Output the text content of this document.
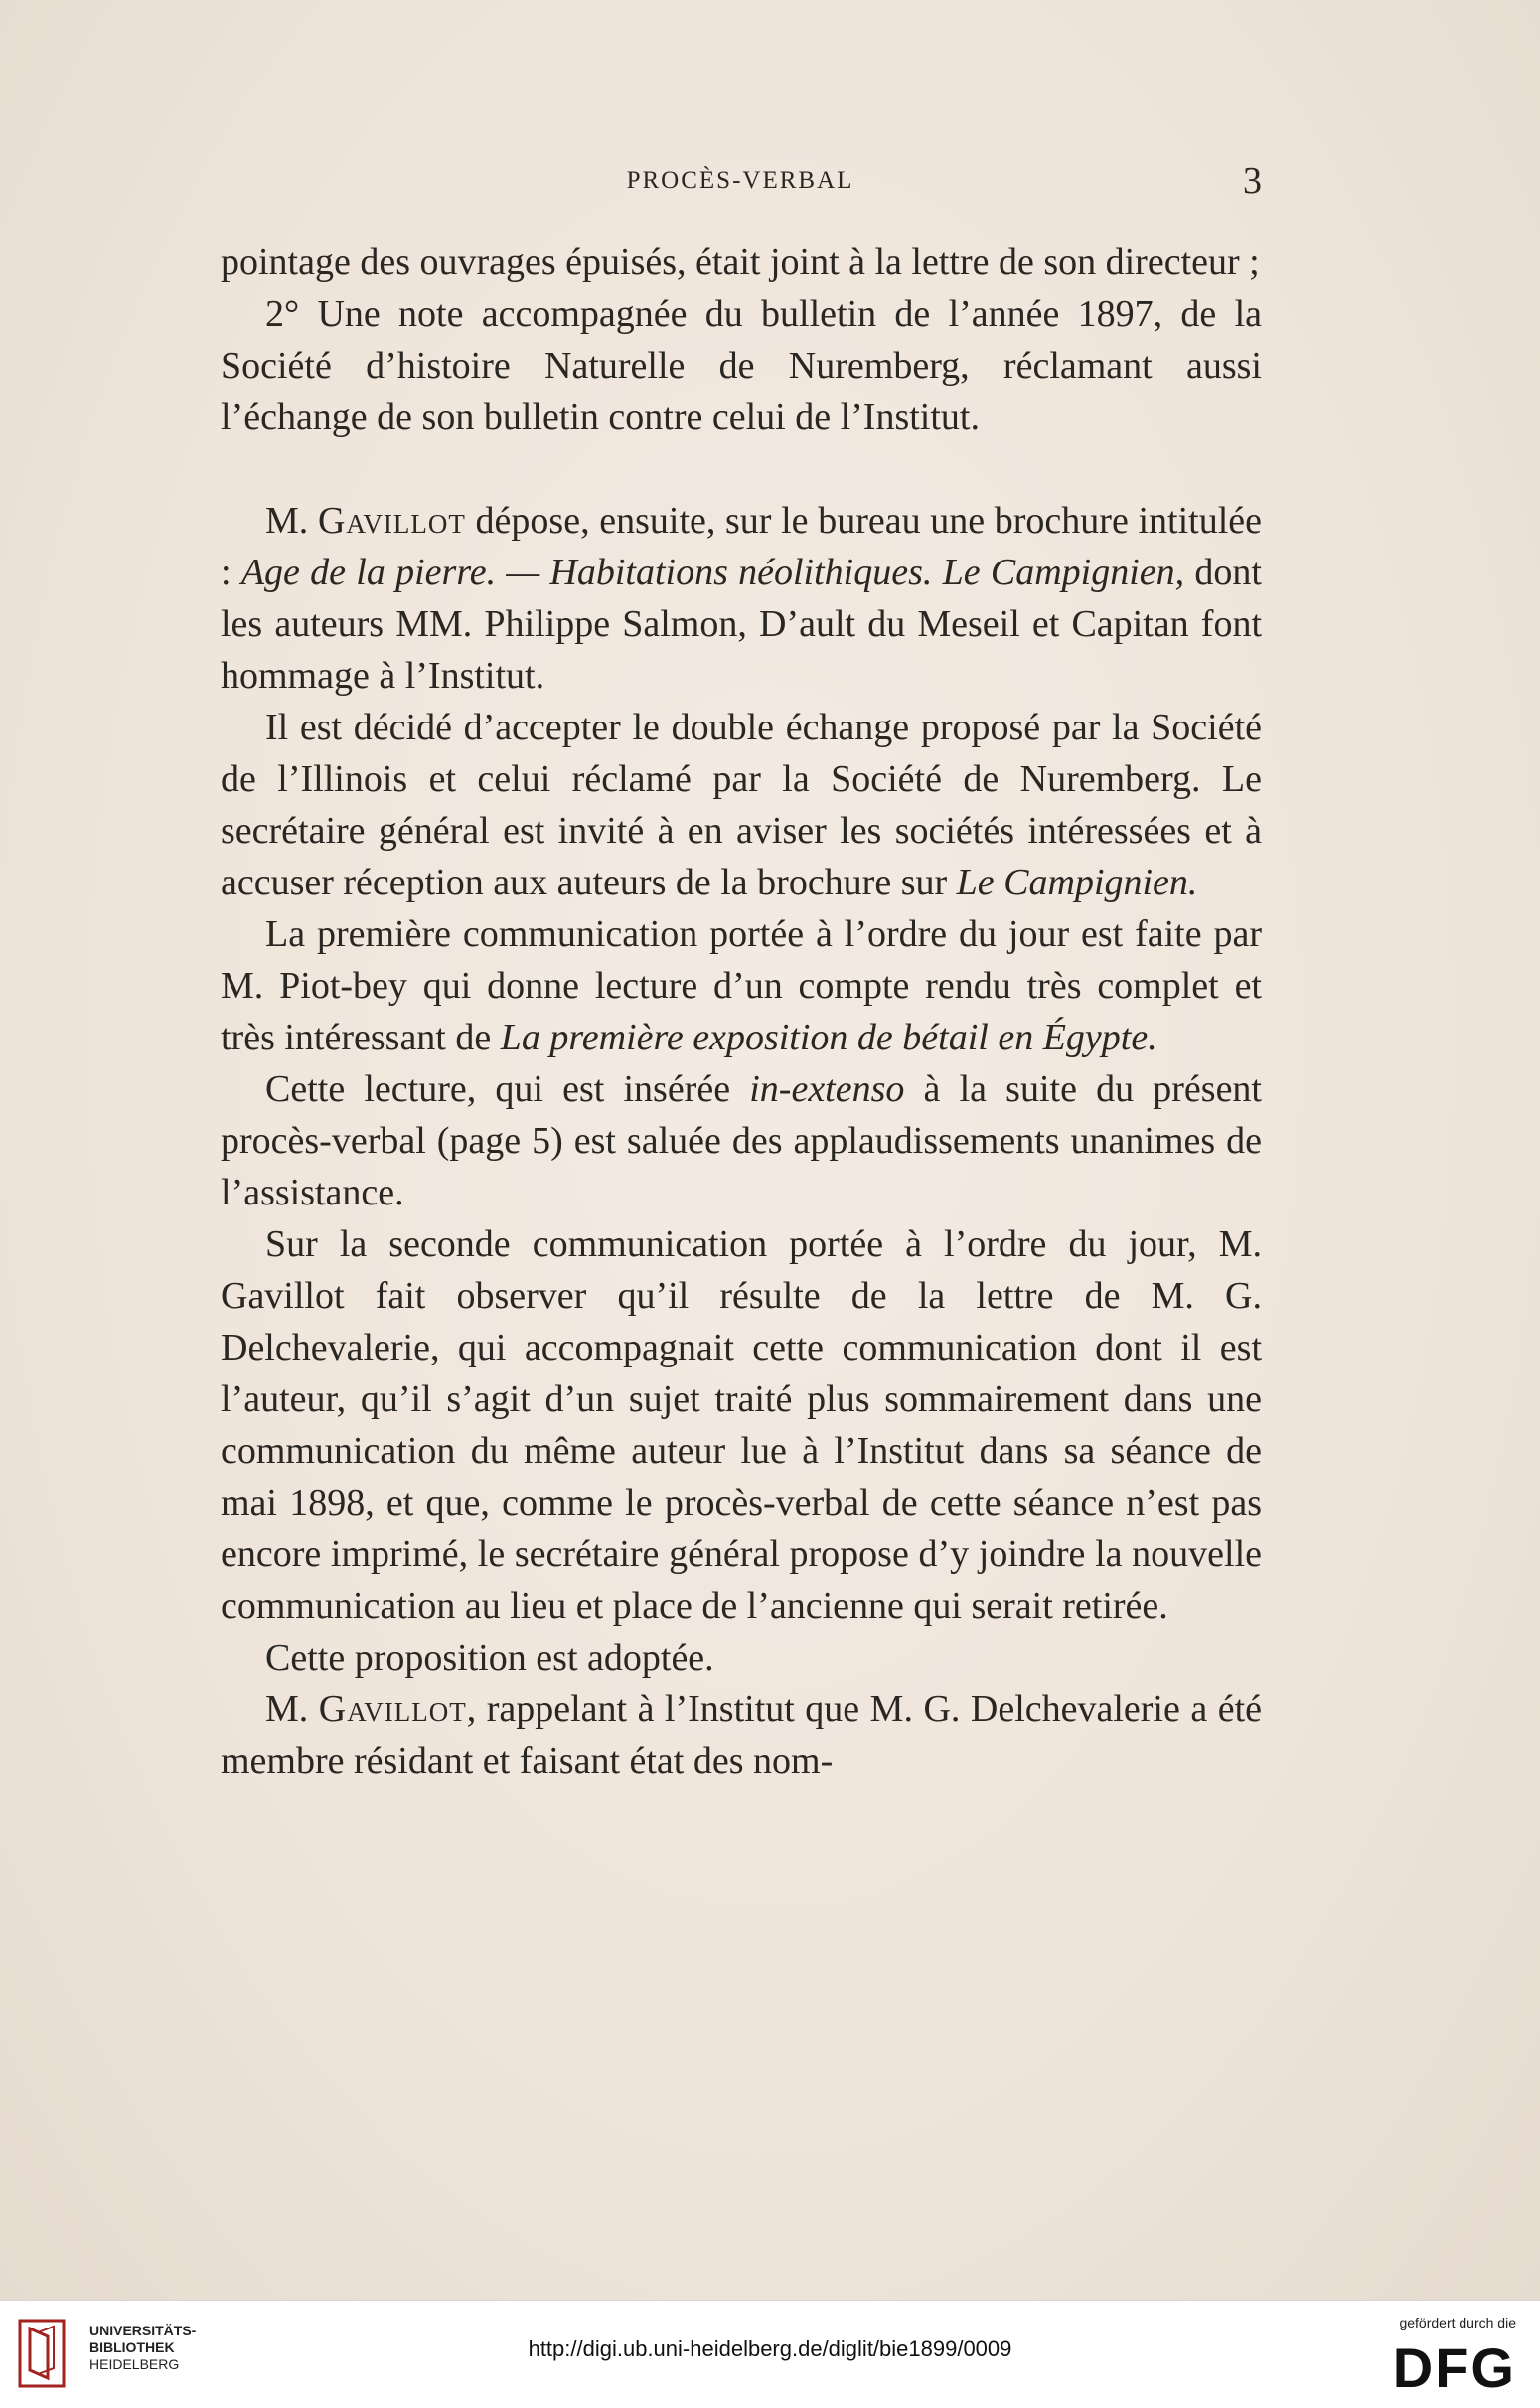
PROCÈS-VERBAL	3

pointage des ouvrages épuisés, était joint à la lettre de son directeur ;

2° Une note accompagnée du bulletin de l’année 1897, de la Société d’histoire Naturelle de Nuremberg, réclamant aussi l’échange de son bulletin contre celui de l’Institut.

M. Gavillot dépose, ensuite, sur le bureau une brochure intitulée : Age de la pierre. — Habitations néolithiques. Le Campignien, dont les auteurs MM. Philippe Salmon, D’ault du Meseil et Capitan font hommage à l’Institut.

Il est décidé d’accepter le double échange proposé par la Société de l’Illinois et celui réclamé par la Société de Nuremberg. Le secrétaire général est invité à en aviser les sociétés intéressées et à accuser réception aux auteurs de la brochure sur Le Campignien.

La première communication portée à l’ordre du jour est faite par M. Piot-bey qui donne lecture d’un compte rendu très complet et très intéressant de La première exposition de bétail en Égypte.

Cette lecture, qui est insérée in-extenso à la suite du présent procès-verbal (page 5) est saluée des applaudissements unanimes de l’assistance.

Sur la seconde communication portée à l’ordre du jour, M. Gavillot fait observer qu’il résulte de la lettre de M. G. Delchevalerie, qui accompagnait cette communication dont il est l’auteur, qu’il s’agit d’un sujet traité plus sommairement dans une communication du même auteur lue à l’Institut dans sa séance de mai 1898, et que, comme le procès-verbal de cette séance n’est pas encore imprimé, le secrétaire général propose d’y joindre la nouvelle communication au lieu et place de l’ancienne qui serait retirée.

Cette proposition est adoptée.

M. Gavillot, rappelant à l’Institut que M. G. Delchevalerie a été membre résidant et faisant état des nom-

UNIVERSITÄTS-
BIBLIOTHEK
HEIDELBERG
http://digi.ub.uni-heidelberg.de/diglit/bie1899/0009
gefördert durch die
DFG
